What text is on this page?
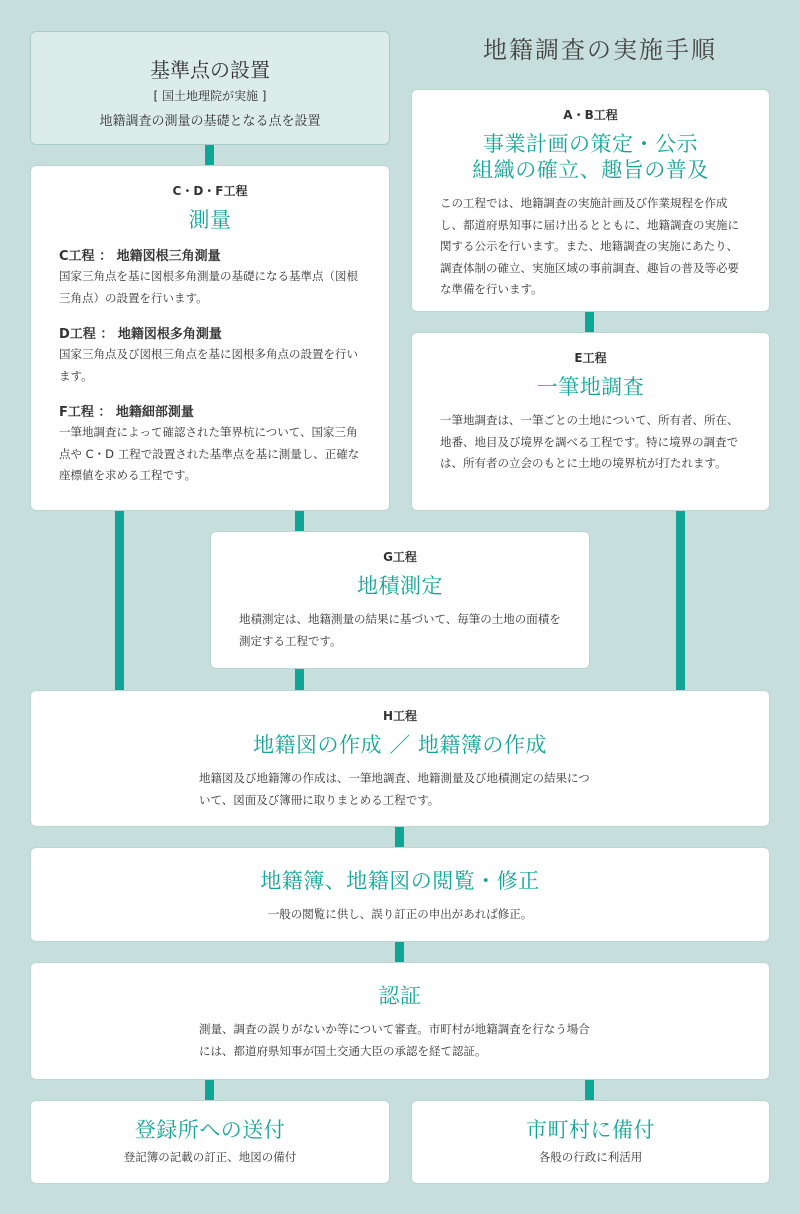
地籍調査の実施手順
基準点の設置
[ 国土地理院が実施 ]
地籍調査の測量の基礎となる点を設置	A・B工程
事業計画の策定・公示
組織の確立、趣旨の普及
この工程では、地籍調査の実施計画及び作業規程を作成し、都道府県知事に届け出るとともに、地籍調査の実施に関する公示を行います。また、地籍調査の実施にあたり、調査体制の確立、実施区域の事前調査、趣旨の普及等必要な準備を行います。
C・D・F工程
測量
C工程 ： 地籍図根三角測量
国家三角点を基に図根多角測量の基礎になる基準点（図根三角点）の設置を行います。
D工程 ： 地籍図根多角測量
国家三角点及び図根三角点を基に図根多角点の設置を行います。
F工程 ： 地籍細部測量
一筆地調査によって確認された筆界杭について、国家三角点や C・D 工程で設置された基準点を基に測量し、正確な座標値を求める工程です。
E工程
一筆地調査
一筆地調査は、一筆ごとの土地について、所有者、所在、地番、地目及び境界を調べる工程です。特に境界の調査では、所有者の立会のもとに土地の境界杭が打たれます。
G工程
地積測定
地積測定は、地籍測量の結果に基づいて、毎筆の土地の面積を測定する工程です。
H工程
地籍図の作成 ／ 地籍簿の作成
地籍図及び地籍簿の作成は、一筆地調査、地籍測量及び地積測定の結果について、図面及び簿冊に取りまとめる工程です。
地籍簿、地籍図の閲覧・修正
一般の閲覧に供し、誤り訂正の申出があれば修正。
認証
測量、調査の誤りがないか等について審査。市町村が地籍調査を行なう場合には、都道府県知事が国土交通大臣の承認を経て認証。
登録所への送付
登記簿の記載の訂正、地図の備付
市町村に備付
各般の行政に利活用
